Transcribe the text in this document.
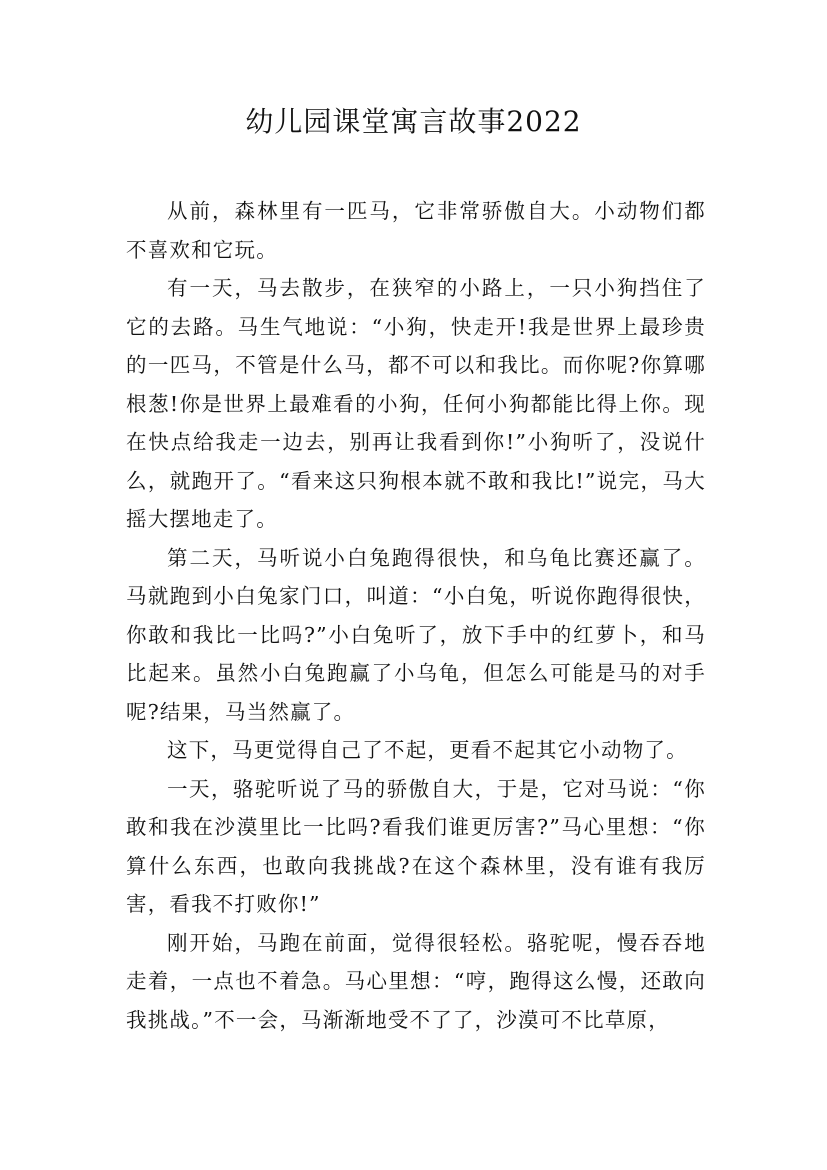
幼儿园课堂寓言故事2022

从前，森林里有一匹马，它非常骄傲自大。小动物们都不喜欢和它玩。

有一天，马去散步，在狭窄的小路上，一只小狗挡住了它的去路。马生气地说：“小狗，快走开!我是世界上最珍贵的一匹马，不管是什么马，都不可以和我比。而你呢?你算哪根葱!你是世界上最难看的小狗，任何小狗都能比得上你。现在快点给我走一边去，别再让我看到你!”小狗听了，没说什么，就跑开了。“看来这只狗根本就不敢和我比!”说完，马大摇大摆地走了。

第二天，马听说小白兔跑得很快，和乌龟比赛还赢了。马就跑到小白兔家门口，叫道：“小白兔，听说你跑得很快，你敢和我比一比吗?”小白兔听了，放下手中的红萝卜，和马比起来。虽然小白兔跑赢了小乌龟，但怎么可能是马的对手呢?结果，马当然赢了。

这下，马更觉得自己了不起，更看不起其它小动物了。

一天，骆驼听说了马的骄傲自大，于是，它对马说：“你敢和我在沙漠里比一比吗?看我们谁更厉害?”马心里想：“你算什么东西，也敢向我挑战?在这个森林里，没有谁有我厉害，看我不打败你!”

刚开始，马跑在前面，觉得很轻松。骆驼呢，慢吞吞地走着，一点也不着急。马心里想：“哼，跑得这么慢，还敢向我挑战。”不一会，马渐渐地受不了了，沙漠可不比草原，
